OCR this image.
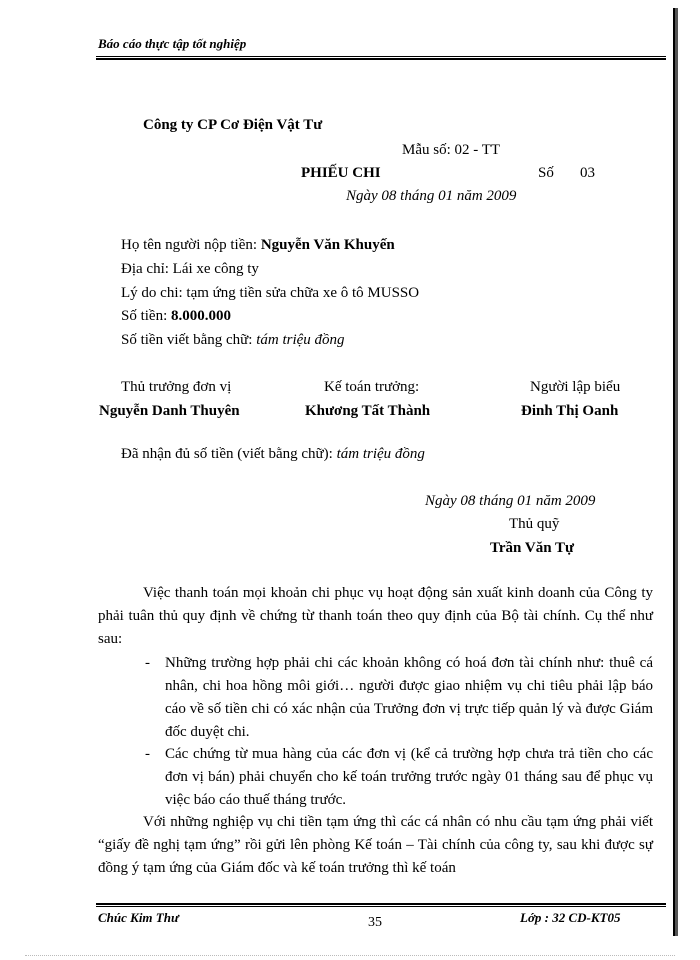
Báo cáo thực tập tốt nghiệp
Công ty CP Cơ Điện Vật Tư
Mẫu số: 02 - TT
PHIẾU CHI	Số 03
Ngày 08 tháng 01 năm 2009
Họ tên người nộp tiền: Nguyễn Văn Khuyến
Địa chỉ: Lái xe công ty
Lý do chi: tạm ứng tiền sửa chữa xe ô tô MUSSO
Số tiền: 8.000.000
Số tiền viết bằng chữ: tám triệu đồng
Thủ trưởng đơn vị
Nguyễn Danh Thuyên
Kế toán trưởng:
Khương Tất Thành
Người lập biểu
Đinh Thị Oanh
Đã nhận đủ số tiền (viết bằng chữ): tám triệu đồng
Ngày 08 tháng 01 năm 2009
Thủ quỹ
Trần Văn Tự
Việc thanh toán mọi khoản chi phục vụ hoạt động sản xuất kinh doanh của Công ty phải tuân thủ quy định về chứng từ thanh toán theo quy định của Bộ tài chính. Cụ thể như sau:
- Những trường hợp phải chi các khoản không có hoá đơn tài chính như: thuê cá nhân, chi hoa hồng môi giới… người được giao nhiệm vụ chi tiêu phải lập báo cáo về số tiền chi có xác nhận của Trưởng đơn vị trực tiếp quản lý và được Giám đốc duyệt chi.
- Các chứng từ mua hàng của các đơn vị (kể cả trường hợp chưa trả tiền cho các đơn vị bán) phải chuyển cho kế toán trưởng trước ngày 01 tháng sau để phục vụ việc báo cáo thuế tháng trước.
Với những nghiệp vụ chi tiền tạm ứng thì các cá nhân có nhu cầu tạm ứng phải viết “giấy đề nghị tạm ứng” rồi gửi lên phòng Kế toán – Tài chính của công ty, sau khi được sự đồng ý tạm ứng của Giám đốc và kế toán trưởng thì kế toán
Chúc Kim Thư	35	Lớp : 32 CD-KT05
